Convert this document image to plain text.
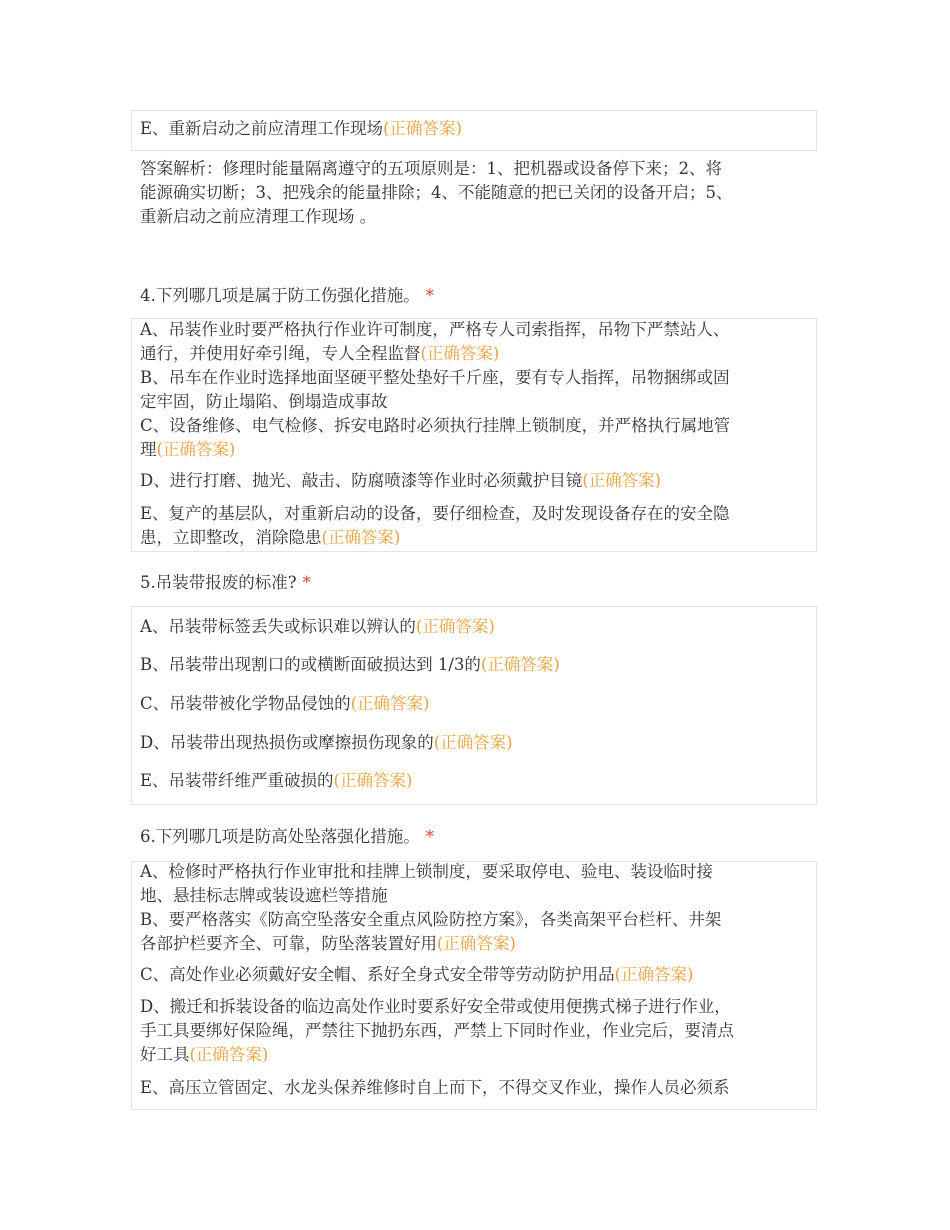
E、重新启动之前应清理工作现场(正确答案)
答案解析：修理时能量隔离遵守的五项原则是：1、把机器或设备停下来；2、将
能源确实切断；3、把残余的能量排除；4、不能随意的把已关闭的设备开启；5、
重新启动之前应清理工作现场 。
4.下列哪几项是属于防工伤强化措施。 *
A、吊装作业时要严格执行作业许可制度，严格专人司索指挥，吊物下严禁站人、
通行，并使用好牵引绳，专人全程监督(正确答案)
B、吊车在作业时选择地面坚硬平整处垫好千斤座，要有专人指挥，吊物捆绑或固
定牢固，防止塌陷、倒塌造成事故
C、设备维修、电气检修、拆安电路时必须执行挂牌上锁制度，并严格执行属地管
理(正确答案)
D、进行打磨、抛光、敲击、防腐喷漆等作业时必须戴护目镜(正确答案)
E、复产的基层队，对重新启动的设备，要仔细检查，及时发现设备存在的安全隐
患，立即整改，消除隐患(正确答案)
5.吊装带报废的标准? *
A、吊装带标签丢失或标识难以辨认的(正确答案)
B、吊装带出现割口的或横断面破损达到 1/3的(正确答案)
C、吊装带被化学物品侵蚀的(正确答案)
D、吊装带出现热损伤或摩擦损伤现象的(正确答案)
E、吊装带纤维严重破损的(正确答案)
6.下列哪几项是防高处坠落强化措施。 *
A、检修时严格执行作业审批和挂牌上锁制度，要采取停电、验电、装设临时接
地、悬挂标志牌或装设遮栏等措施
B、要严格落实《防高空坠落安全重点风险防控方案》，各类高架平台栏杆、井架
各部护栏要齐全、可靠，防坠落装置好用(正确答案)
C、高处作业必须戴好安全帽、系好全身式安全带等劳动防护用品(正确答案)
D、搬迁和拆装设备的临边高处作业时要系好安全带或使用便携式梯子进行作业，
手工具要绑好保险绳，严禁往下抛扔东西，严禁上下同时作业，作业完后，要清点
好工具(正确答案)
E、高压立管固定、水龙头保养维修时自上而下，不得交叉作业，操作人员必须系
